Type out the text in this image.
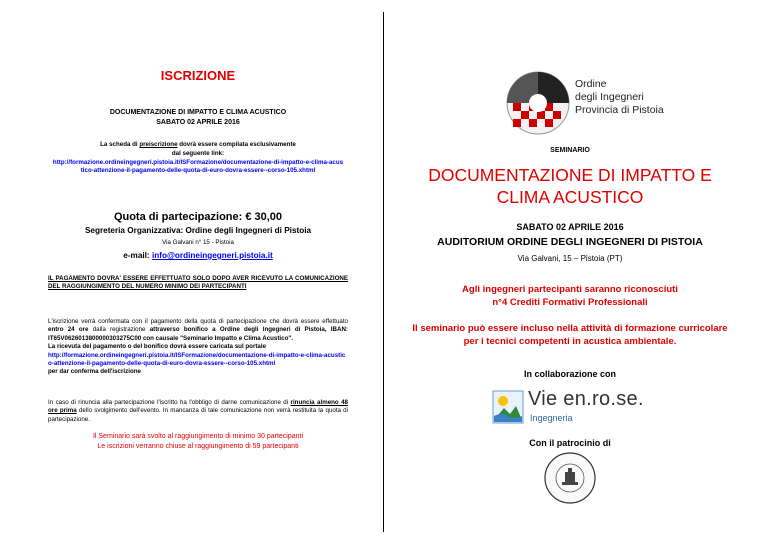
ISCRIZIONE
DOCUMENTAZIONE DI IMPATTO E CLIMA ACUSTICO
SABATO 02 APRILE 2016
La scheda di preiscrizione dovrà essere compilata esclusivamente
dal seguente link:
http://formazione.ordineingegneri.pistoia.it/ISFormazione/documentazione-di-impatto-e-clima-acustico-attenzione-il-pagamento-delle-quota-di-euro-dovra-essere--corso-105.xhtml
Quota di partecipazione: € 30,00
Segreteria Organizzativa: Ordine degli Ingegneri di Pistoia
Via Galvani n° 15 - Pistoia
e-mail: info@ordineingegneri.pistoia.it
IL PAGAMENTO DOVRA' ESSERE EFFETTUATO SOLO DOPO AVER RICEVUTO LA COMUNICAZIONE DEL RAGGIUNGIMENTO DEL NUMERO MINIMO DEI PARTECIPANTI
L'iscrizione verrà confermata con il pagamento della quota di partecipazione che dovrà essere effettuato entro 24 ore dalla registrazione attraverso bonifico a Ordine degli Ingegneri di Pistoia, IBAN: IT65V0626013800000303275C00 con causale "Seminario Impatto e Clima Acustico".
La ricevuta del pagamento o del bonifico dovrà essere caricata sul portale
http://formazione.ordineingegneri.pistoia.it/ISFormazione/documentazione-di-impatto-e-clima-acustico-attenzione-il-pagamento-delle-quota-di-euro-dovra-essere--corso-105.xhtml
per dar conferma dell'iscrizione
In caso di rinuncia alla partecipazione l'iscritto ha l'obbligo di darne comunicazione di rinuncia almeno 48 ore prima dello svolgimento dell'evento. In mancanza di tale comunicazione non verrà restituita la quota di partecipazione.
Il Seminario sarà svolto al raggiungimento di minimo 30 partecipanti
Le iscrizioni verranno chiuse al raggiungimento di 59 partecipanti
Ordine
degli Ingegneri
Provincia di Pistoia
SEMINARIO
DOCUMENTAZIONE DI IMPATTO E CLIMA ACUSTICO
SABATO 02 APRILE 2016
AUDITORIUM ORDINE DEGLI INGEGNERI DI PISTOIA
Via Galvani, 15 – Pistoia (PT)
Agli ingegneri partecipanti saranno riconosciuti
n°4 Crediti Formativi Professionali
Il seminario può essere incluso nella attività di formazione curricolare
per i tecnici competenti in acustica ambientale.
In collaborazione con
Vie en.ro.se.
Ingegneria
Con il patrocinio di
